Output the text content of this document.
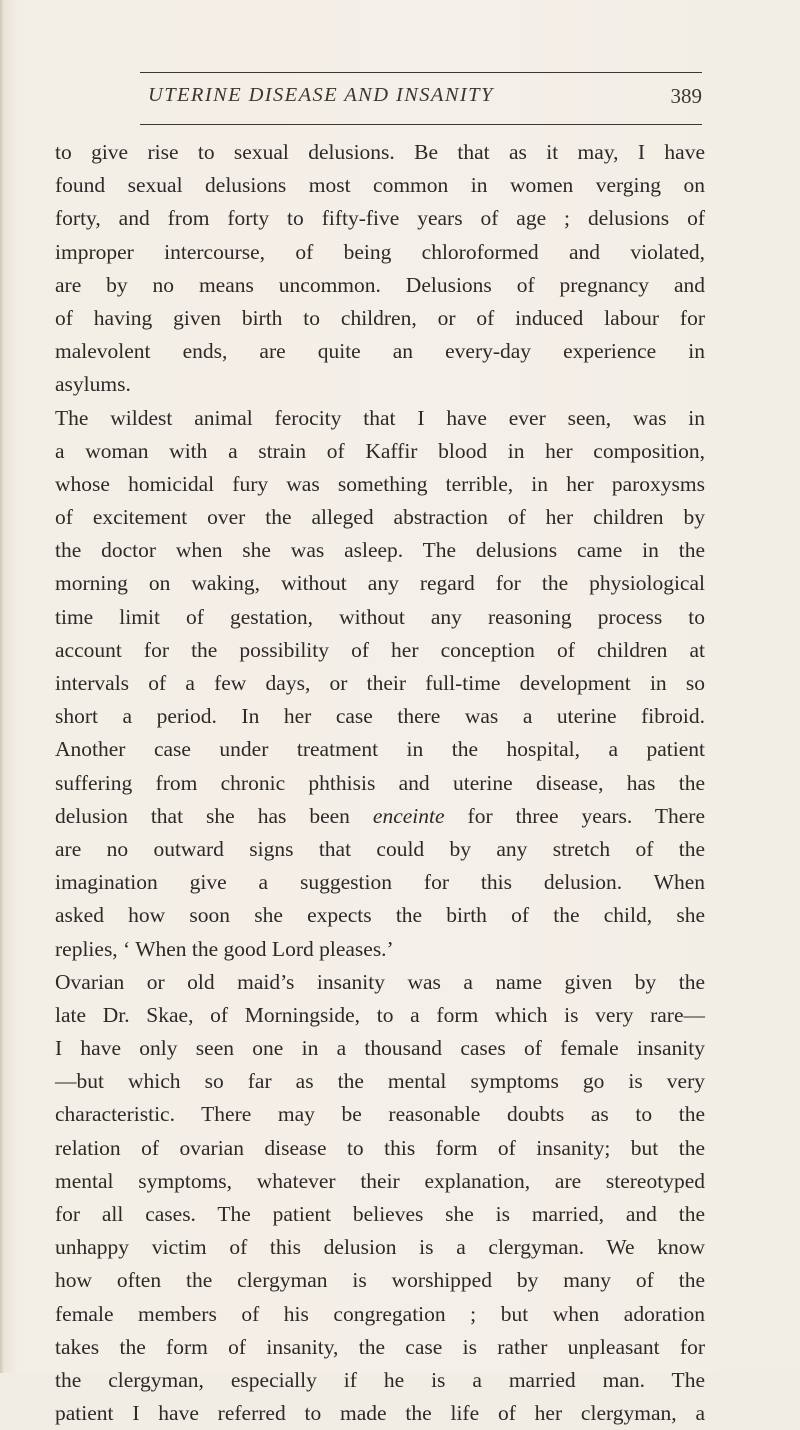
UTERINE DISEASE AND INSANITY	389
to give rise to sexual delusions. Be that as it may, I have
found sexual delusions most common in women verging on
forty, and from forty to fifty-five years of age ; delusions of
improper intercourse, of being chloroformed and violated,
are by no means uncommon. Delusions of pregnancy and
of having given birth to children, or of induced labour for
malevolent ends, are quite an every-day experience in
asylums.
The wildest animal ferocity that I have ever seen, was in
a woman with a strain of Kaffir blood in her composition,
whose homicidal fury was something terrible, in her paroxysms
of excitement over the alleged abstraction of her children by
the doctor when she was asleep. The delusions came in the
morning on waking, without any regard for the physiological
time limit of gestation, without any reasoning process to
account for the possibility of her conception of children at
intervals of a few days, or their full-time development in so
short a period. In her case there was a uterine fibroid.
Another case under treatment in the hospital, a patient
suffering from chronic phthisis and uterine disease, has the
delusion that she has been enceinte for three years. There
are no outward signs that could by any stretch of the
imagination give a suggestion for this delusion. When
asked how soon she expects the birth of the child, she
replies, ‘ When the good Lord pleases.’
Ovarian or old maid’s insanity was a name given by the
late Dr. Skae, of Morningside, to a form which is very rare—
I have only seen one in a thousand cases of female insanity
—but which so far as the mental symptoms go is very
characteristic. There may be reasonable doubts as to the
relation of ovarian disease to this form of insanity; but the
mental symptoms, whatever their explanation, are stereotyped
for all cases. The patient believes she is married, and the
unhappy victim of this delusion is a clergyman. We know
how often the clergyman is worshipped by many of the
female members of his congregation ; but when adoration
takes the form of insanity, the case is rather unpleasant for
the clergyman, especially if he is a married man. The
patient I have referred to made the life of her clergyman, a
